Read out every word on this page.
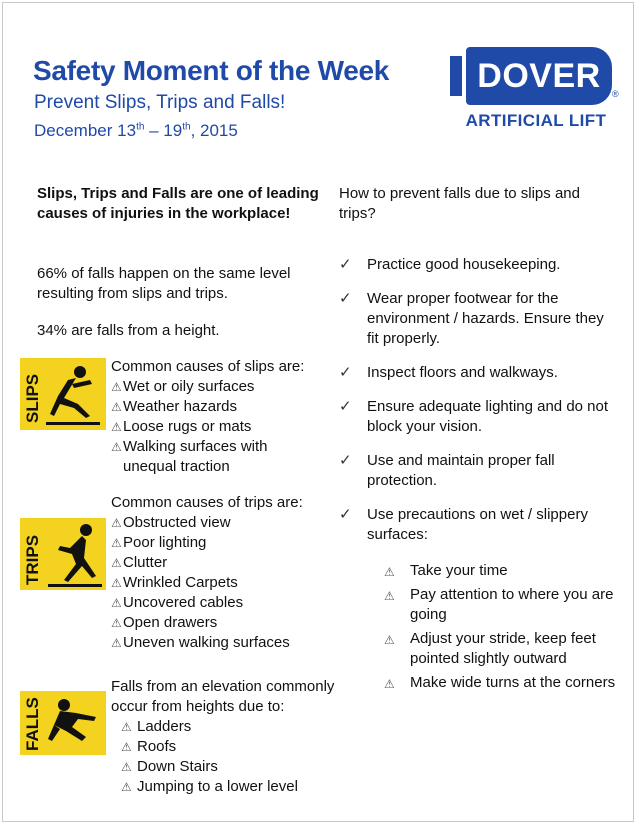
Safety Moment of the Week
Prevent Slips, Trips and Falls!
December 13th – 19th, 2015
DOVER	®
ARTIFICIAL LIFT
Slips, Trips and Falls are one of leading causes of injuries in the workplace!
66% of falls happen on the same level resulting from slips and trips.
34% are falls from a height.
SLIPS
Common causes of slips are:
⚠ Wet or oily surfaces
⚠ Weather hazards
⚠ Loose rugs or mats
⚠ Walking surfaces with
unequal traction
TRIPS
Common causes of trips are:
⚠ Obstructed view
⚠ Poor lighting
⚠ Clutter
⚠ Wrinkled Carpets
⚠ Uncovered cables
⚠ Open drawers
⚠ Uneven walking surfaces
FALLS
Falls from an elevation commonly occur from heights due to:
⚠ Ladders
⚠ Roofs
⚠ Down Stairs
⚠ Jumping to a lower level
How to prevent falls due to slips and trips?
✓ Practice good housekeeping.
✓ Wear proper footwear for the environment / hazards. Ensure they fit properly.
✓ Inspect floors and walkways.
✓ Ensure adequate lighting and do not block your vision.
✓ Use and maintain proper fall protection.
✓ Use precautions on wet / slippery surfaces:
⚠ Take your time
⚠ Pay attention to where you are going
⚠ Adjust your stride, keep feet pointed slightly outward
⚠ Make wide turns at the corners
